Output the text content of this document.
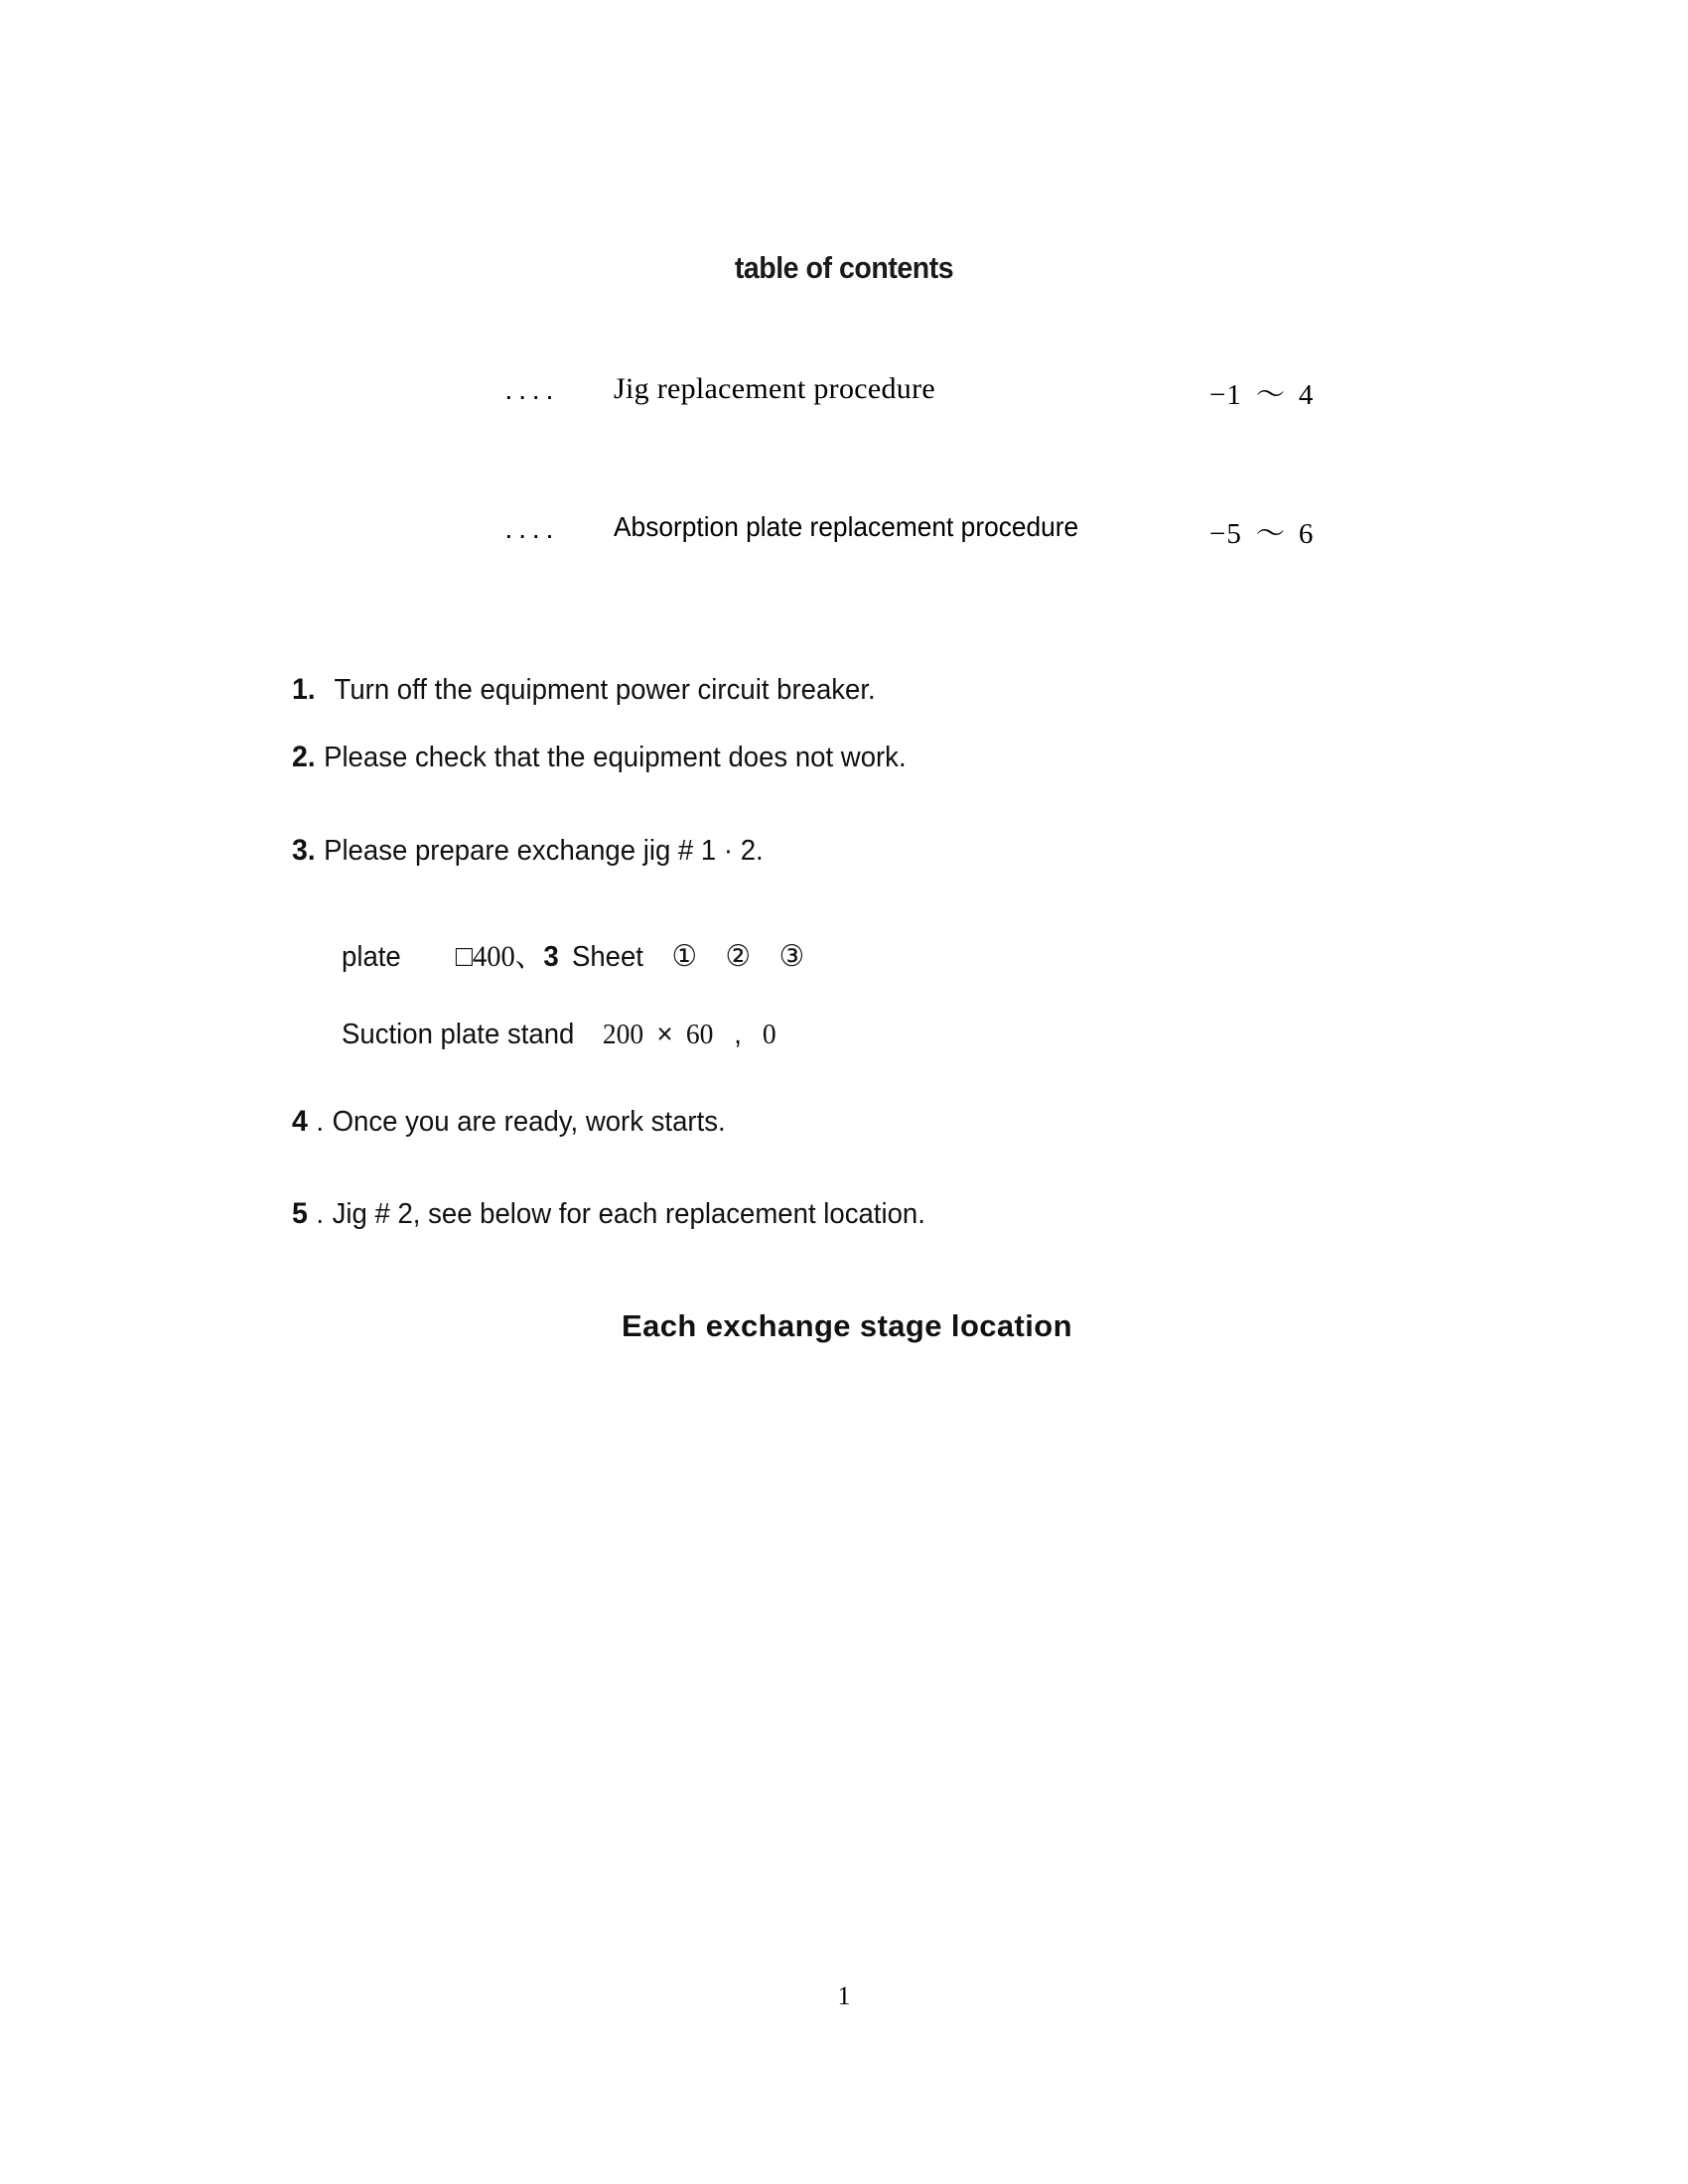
table of contents
․․․․ Jig replacement procedure	−1 ～ 4
․․․․ Absorption plate replacement procedure	−5 ～ 6
1. Turn off the equipment power circuit breaker.
2. Please check that the equipment does not work.
3. Please prepare exchange jig # 1 · 2.
plate □400、3 Sheet ① ② ③
Suction plate stand 200 × 60 , 0
4 . Once you are ready, work starts.
5 . Jig # 2, see below for each replacement location.
Each exchange stage location
1
